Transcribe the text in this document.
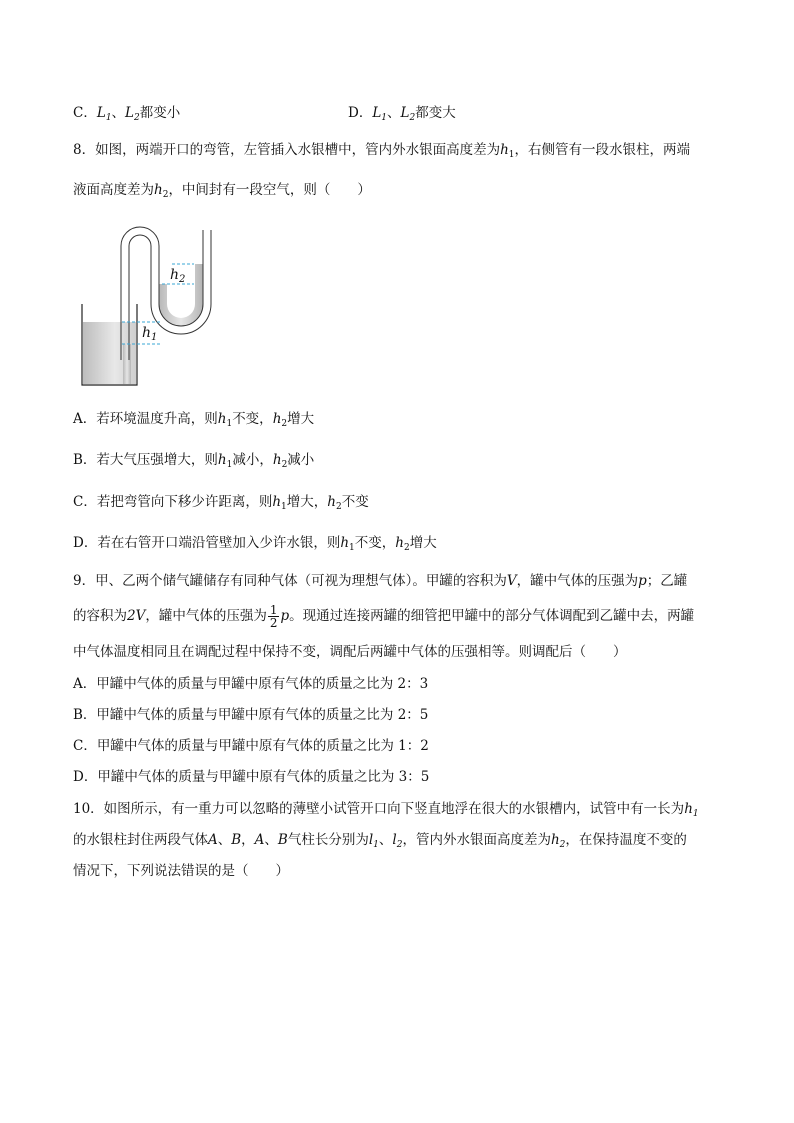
C．$L_1$、$L_2$都变小	D．$L_1$、$L_2$都变大
8．如图，两端开口的弯管，左管插入水银槽中，管内外水银面高度差为$h_1$，右侧管有一段水银柱，两端
液面高度差为$h_2$，中间封有一段空气，则（　　）
$h_2$
$h_1$
A．若环境温度升高，则$h_1$不变，$h_2$增大
B．若大气压强增大，则$h_1$减小，$h_2$减小
C．若把弯管向下移少许距离，则$h_1$增大，$h_2$不变
D．若在右管开口端沿管壁加入少许水银，则$h_1$不变，$h_2$增大
9．甲、乙两个储气罐储存有同种气体（可视为理想气体）。甲罐的容积为V，罐中气体的压强为p；乙罐
的容积为2V，罐中气体的压强为 $\frac{1}{2}$ p。现通过连接两罐的细管把甲罐中的部分气体调配到乙罐中去，两罐
中气体温度相同且在调配过程中保持不变，调配后两罐中气体的压强相等。则调配后（　　）
A．甲罐中气体的质量与甲罐中原有气体的质量之比为 2：3
B．甲罐中气体的质量与甲罐中原有气体的质量之比为 2：5
C．甲罐中气体的质量与甲罐中原有气体的质量之比为 1：2
D．甲罐中气体的质量与甲罐中原有气体的质量之比为 3：5
10．如图所示，有一重力可以忽略的薄壁小试管开口向下竖直地浮在很大的水银槽内，试管中有一长为$h_1$
的水银柱封住两段气体A、B，A、B气柱长分别为$l_1$、$l_2$，管内外水银面高度差为$h_2$，在保持温度不变的
情况下，下列说法错误的是（　　）
